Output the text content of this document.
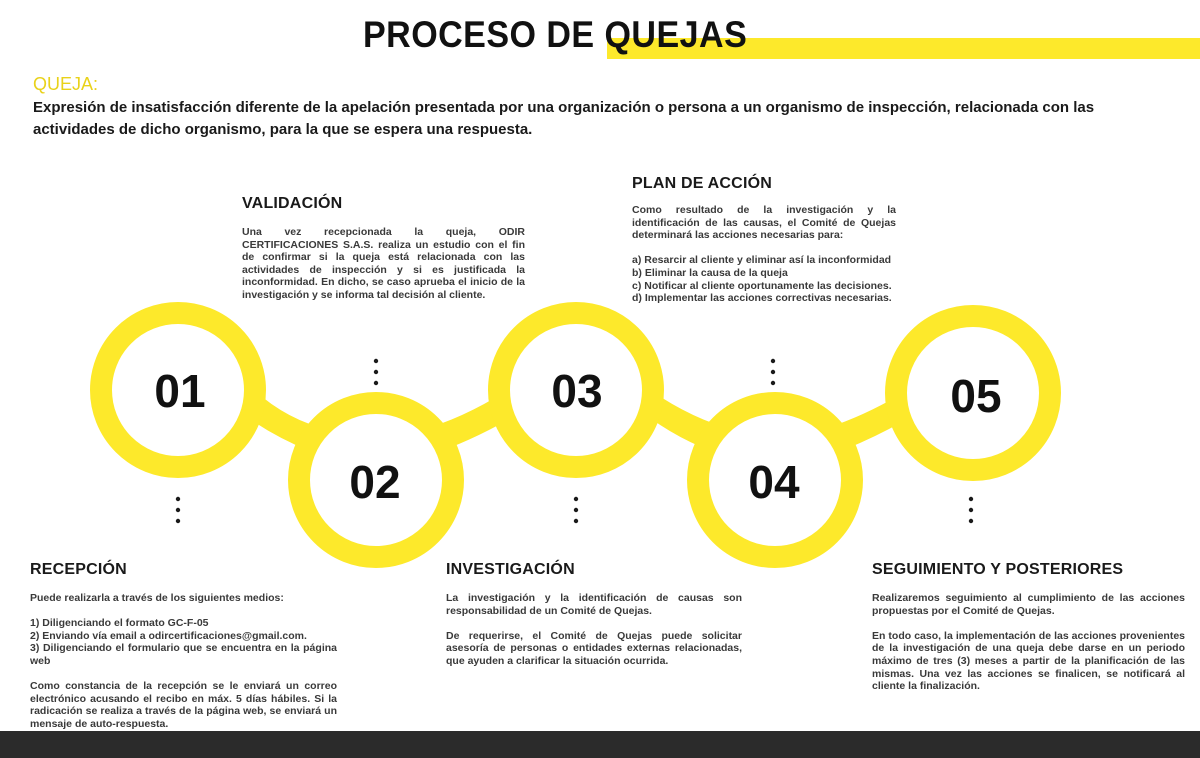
PROCESO DE QUEJAS
QUEJA:
Expresión de insatisfacción diferente de la apelación presentada por una organización o persona a un organismo de inspección, relacionada con las actividades de dicho organismo, para la que se espera una respuesta.
01
02
03
04
05
RECEPCIÓN

Puede realizarla a través de los siguientes medios:

1) Diligenciando el formato GC-F-05
2) Enviando vía email a odircertificaciones@gmail.com.
3) Diligenciando el formulario que se encuentra en la página web

Como constancia de la recepción se le enviará un correo electrónico acusando el recibo en máx. 5 días hábiles. Si la radicación se realiza a través de la página web, se enviará un mensaje de auto-respuesta.

VALIDACIÓN

Una vez recepcionada la queja, ODIR CERTIFICACIONES S.A.S. realiza un estudio con el fin de confirmar si la queja está relacionada con las actividades de inspección y si es justificada la inconformidad. En dicho, se caso aprueba el inicio de la investigación y se informa tal decisión al cliente.

INVESTIGACIÓN

La investigación y la identificación de causas son responsabilidad de un Comité de Quejas.

De requerirse, el Comité de Quejas puede solicitar asesoría de personas o entidades externas relacionadas, que ayuden a clarificar la situación ocurrida.

PLAN DE ACCIÓN

Como resultado de la investigación y la identificación de las causas, el Comité de Quejas determinará las acciones necesarias para:

a) Resarcir al cliente y eliminar así la inconformidad
b) Eliminar la causa de la queja
c) Notificar al cliente oportunamente las decisiones.
d) Implementar las acciones correctivas necesarias.
SEGUIMIENTO Y POSTERIORES

Realizaremos seguimiento al cumplimiento de las acciones propuestas por el Comité de Quejas.

En todo caso, la implementación de las acciones provenientes de la investigación de una queja debe darse en un periodo máximo de tres (3) meses a partir de la planificación de las mismas. Una vez las acciones se finalicen, se notificará al cliente la finalización.
